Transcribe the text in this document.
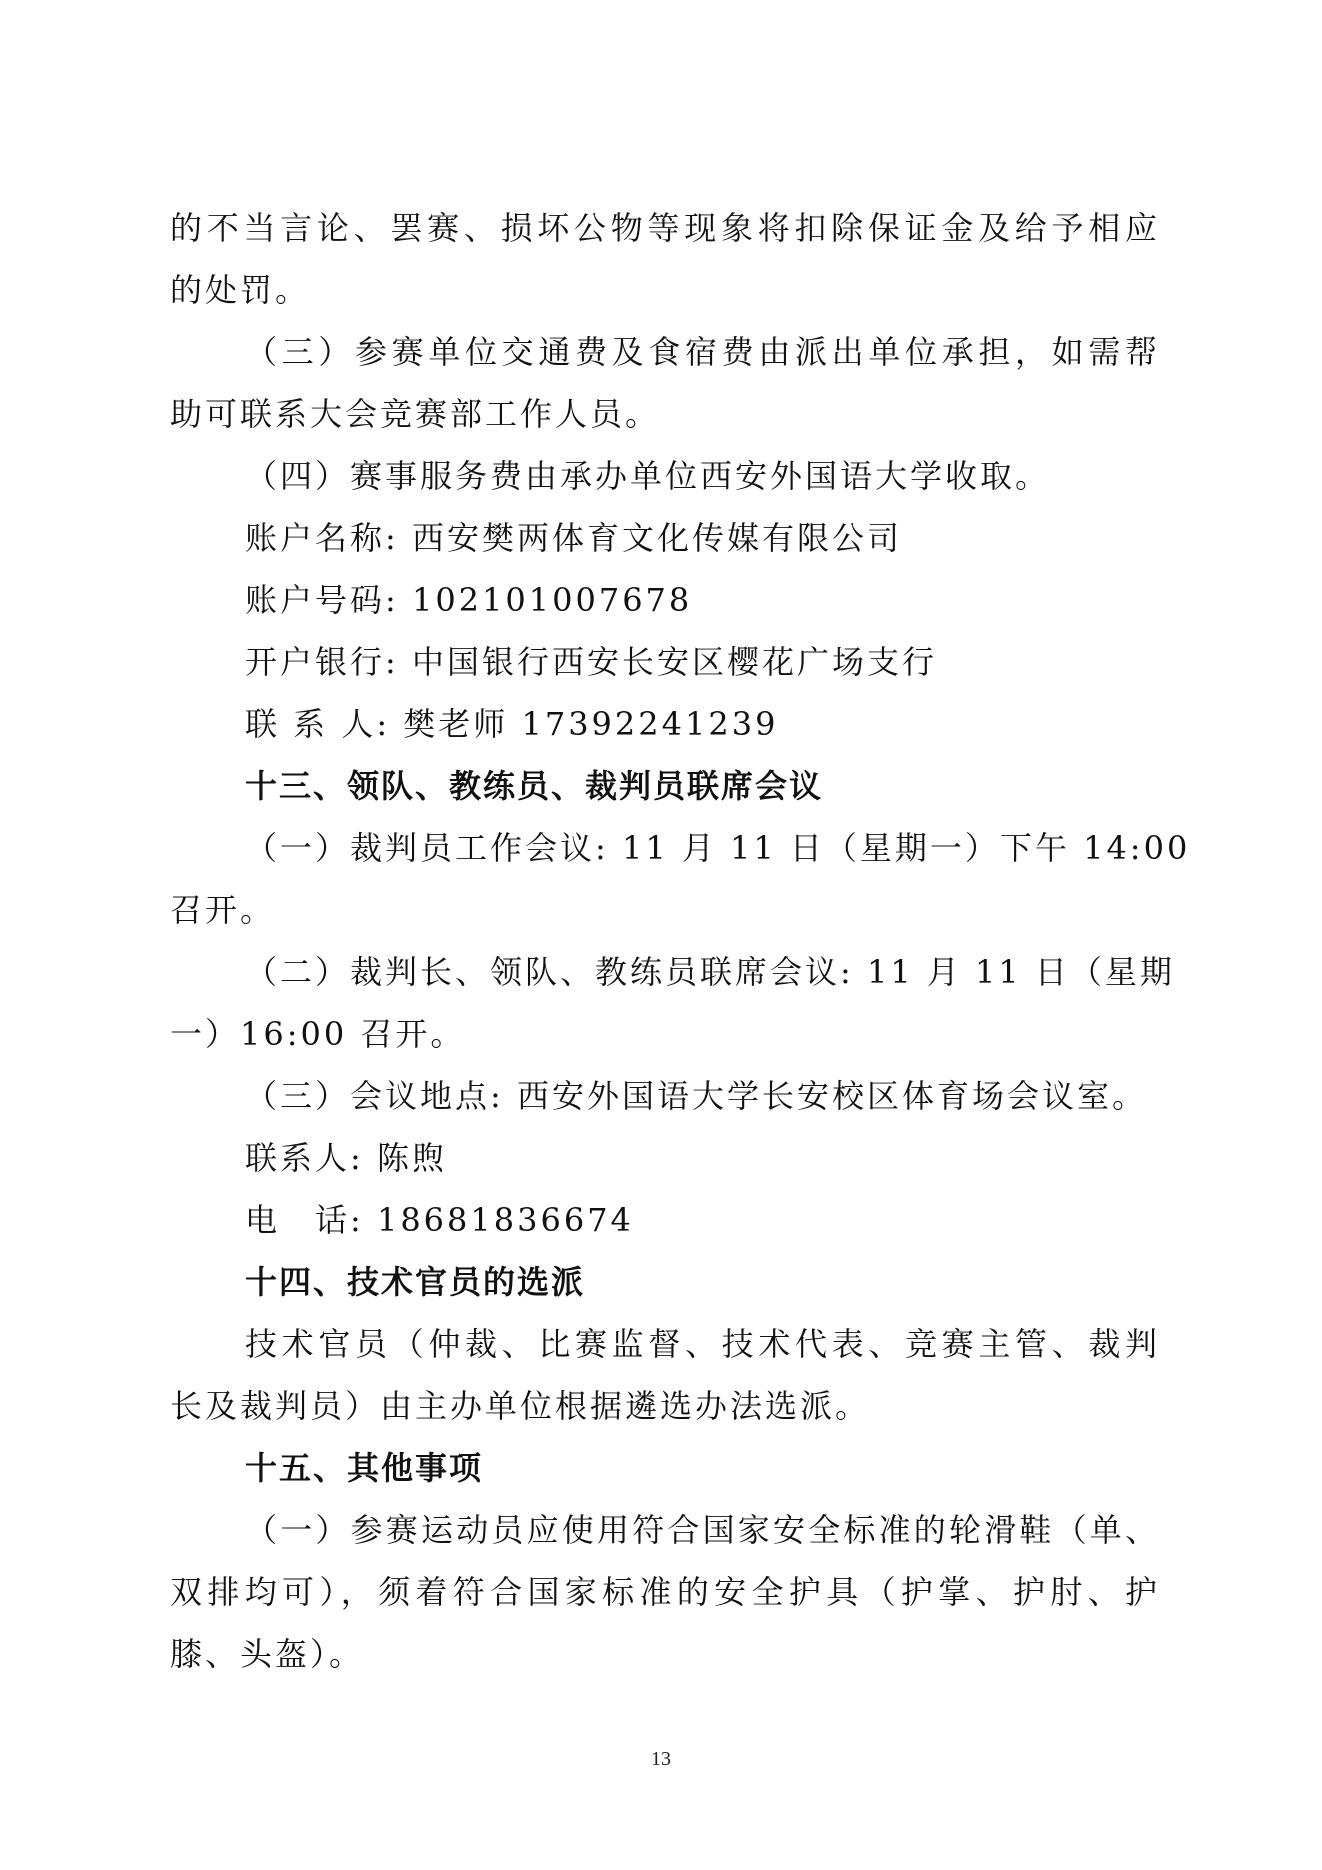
的不当言论、罢赛、损坏公物等现象将扣除保证金及给予相应
的处罚。
（三）参赛单位交通费及食宿费由派出单位承担，如需帮
助可联系大会竞赛部工作人员。
（四）赛事服务费由承办单位西安外国语大学收取。
账户名称: 西安樊两体育文化传媒有限公司
账户号码: 102101007678
开户银行: 中国银行西安长安区樱花广场支行
联 系 人: 樊老师 17392241239
十三、领队、教练员、裁判员联席会议
（一）裁判员工作会议: 11 月 11 日（星期一）下午 14:00
召开。
（二）裁判长、领队、教练员联席会议: 11 月 11 日（星期
一）16:00 召开。
（三）会议地点: 西安外国语大学长安校区体育场会议室。
联系人: 陈煦
电　话: 18681836674
十四、技术官员的选派
技术官员（仲裁、比赛监督、技术代表、竞赛主管、裁判
长及裁判员）由主办单位根据遴选办法选派。
十五、其他事项
（一）参赛运动员应使用符合国家安全标准的轮滑鞋（单、
双排均可），须着符合国家标准的安全护具（护掌、护肘、护
膝、头盔）。
13
